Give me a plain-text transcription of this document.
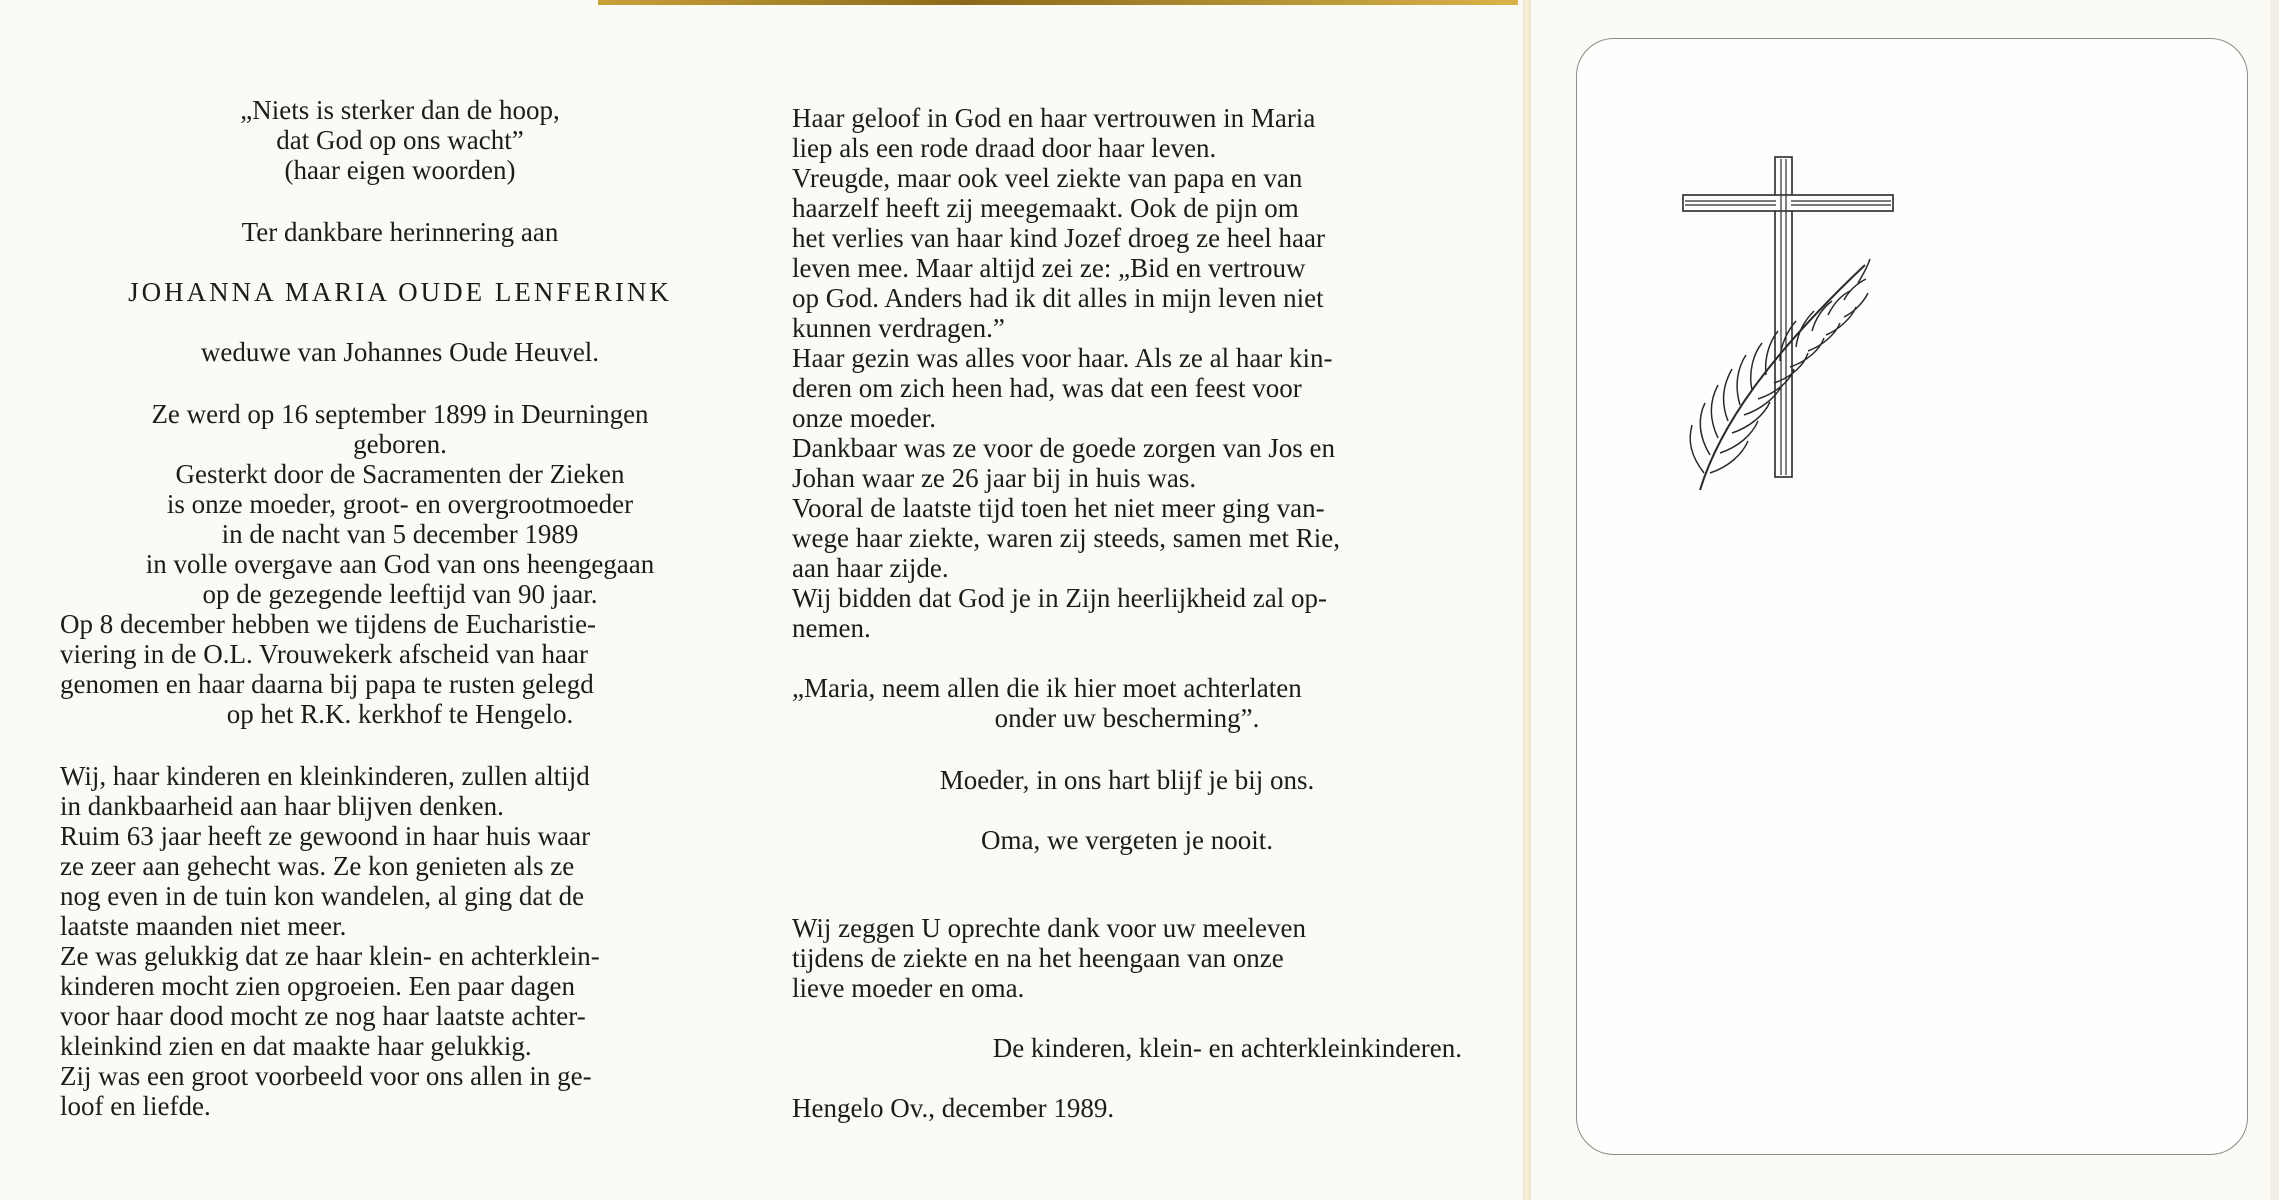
„Niets is sterker dan de hoop,

dat God op ons wacht”

(haar eigen woorden)

Ter dankbare herinnering aan

JOHANNA MARIA OUDE LENFERINK

weduwe van Johannes Oude Heuvel.

Ze werd op 16 september 1899 in Deurningen

geboren.

Gesterkt door de Sacramenten der Zieken

is onze moeder, groot- en overgrootmoeder

in de nacht van 5 december 1989

in volle overgave aan God van ons heengegaan

op de gezegende leeftijd van 90 jaar.

Op 8 december hebben we tijdens de Eucharistie-

viering in de O.L. Vrouwekerk afscheid van haar

genomen en haar daarna bij papa te rusten gelegd

op het R.K. kerkhof te Hengelo.

Wij, haar kinderen en kleinkinderen, zullen altijd

in dankbaarheid aan haar blijven denken.

Ruim 63 jaar heeft ze gewoond in haar huis waar

ze zeer aan gehecht was. Ze kon genieten als ze

nog even in de tuin kon wandelen, al ging dat de

laatste maanden niet meer.

Ze was gelukkig dat ze haar klein- en achterklein-

kinderen mocht zien opgroeien. Een paar dagen

voor haar dood mocht ze nog haar laatste achter-

kleinkind zien en dat maakte haar gelukkig.

Zij was een groot voorbeeld voor ons allen in ge-

loof en liefde.

Haar geloof in God en haar vertrouwen in Maria

liep als een rode draad door haar leven.

Vreugde, maar ook veel ziekte van papa en van

haarzelf heeft zij meegemaakt. Ook de pijn om

het verlies van haar kind Jozef droeg ze heel haar

leven mee. Maar altijd zei ze: „Bid en vertrouw

op God. Anders had ik dit alles in mijn leven niet

kunnen verdragen.”

Haar gezin was alles voor haar. Als ze al haar kin-

deren om zich heen had, was dat een feest voor

onze moeder.

Dankbaar was ze voor de goede zorgen van Jos en

Johan waar ze 26 jaar bij in huis was.

Vooral de laatste tijd toen het niet meer ging van-

wege haar ziekte, waren zij steeds, samen met Rie,

aan haar zijde.

Wij bidden dat God je in Zijn heerlijkheid zal op-

nemen.

„Maria, neem allen die ik hier moet achterlaten

onder uw bescherming”.

Moeder, in ons hart blijf je bij ons.

Oma, we vergeten je nooit.

Wij zeggen U oprechte dank voor uw meeleven

tijdens de ziekte en na het heengaan van onze

lieve moeder en oma.

De kinderen, klein- en achterkleinkinderen.

Hengelo Ov., december 1989.
